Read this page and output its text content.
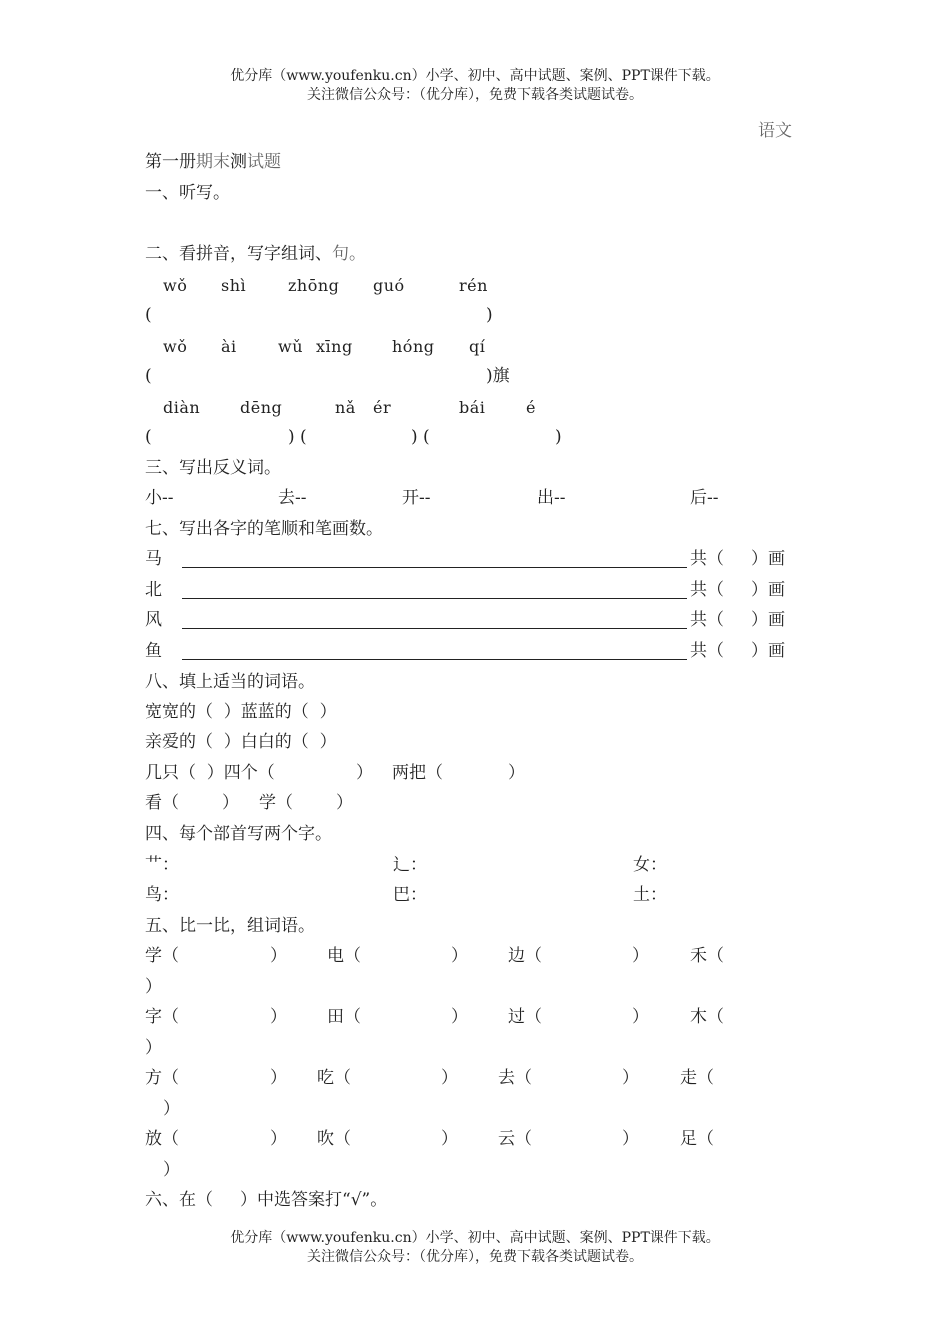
优分库（www.youfenku.cn）小学、初中、高中试题、案例、PPT课件下载。
关注微信公众号：（优分库），免费下载各类试题试卷。
语文
第一册期末测试题
一、听写。
二、看拼音，写字组词、句。
wǒ shì	zhōng guó	rén
(	)
wǒ ài	wǔ xīng hóng qí
(	)旗
diàn dēng	nǎ ér	bái	é
(	) (	) (	)
三、写出反义词。
小--	去--	开--	出--	后--
七、写出各字的笔顺和笔画数。
马	共（     ）画
北	共（     ）画
风	共（     ）画
鱼	共（     ）画
八、填上适当的词语。
宽宽的（  ）蓝蓝的（  ）
亲爱的（  ）白白的（  ）
几只（  ）四个（	） 两把（	）
看（	） 学（	）
四、每个部首写两个字。
艹：	辶：	女：
鸟：	巴：	土：
五、比一比，组词语。
学（	） 电（	） 边（	） 禾（
）
字（	） 田（	） 过（	） 木（
）
方（	） 吃（	） 去（	） 走（
）
放（	） 吹（	） 云（	） 足（
）
六、在（     ）中选答案打“√”。
优分库（www.youfenku.cn）小学、初中、高中试题、案例、PPT课件下载。
关注微信公众号：（优分库），免费下载各类试题试卷。
